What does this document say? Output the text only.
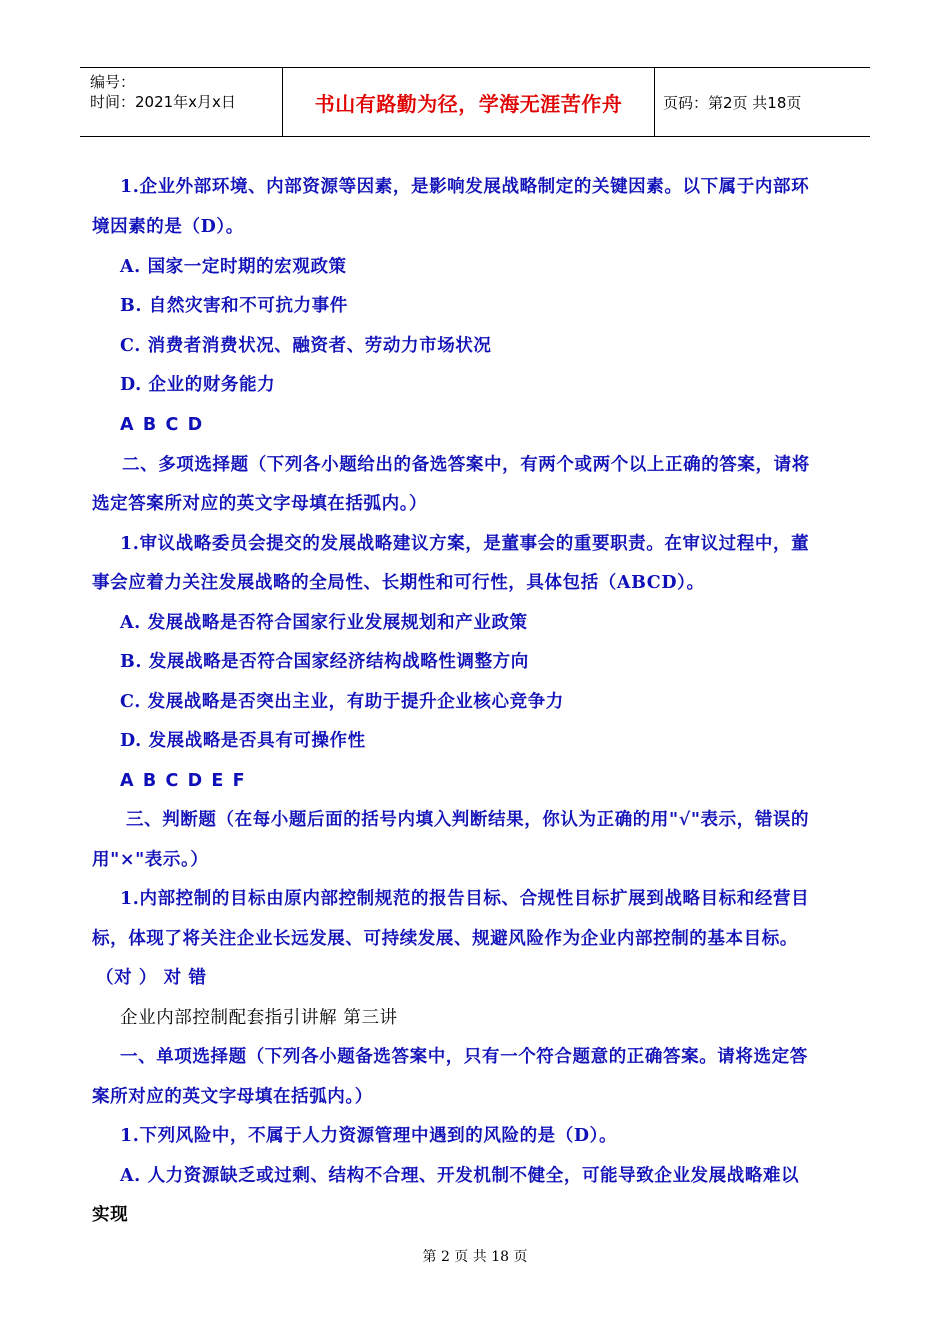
编号：
时间：2021年x月x日	书山有路勤为径，学海无涯苦作舟	页码：第2页 共18页
1.企业外部环境、内部资源等因素，是影响发展战略制定的关键因素。以下属于内部环
境因素的是（D）。
A. 国家一定时期的宏观政策
B. 自然灾害和不可抗力事件
C. 消费者消费状况、融资者、劳动力市场状况
D. 企业的财务能力
A B C D
二、多项选择题（下列各小题给出的备选答案中，有两个或两个以上正确的答案，请将
选定答案所对应的英文字母填在括弧内。）
1.审议战略委员会提交的发展战略建议方案，是董事会的重要职责。在审议过程中，董
事会应着力关注发展战略的全局性、长期性和可行性，具体包括（ABCD）。
A. 发展战略是否符合国家行业发展规划和产业政策
B. 发展战略是否符合国家经济结构战略性调整方向
C. 发展战略是否突出主业，有助于提升企业核心竞争力
D. 发展战略是否具有可操作性
A B C D E F
三、判断题（在每小题后面的括号内填入判断结果，你认为正确的用"√"表示，错误的
用"×"表示。）
1.内部控制的目标由原内部控制规范的报告目标、合规性目标扩展到战略目标和经营目
标，体现了将关注企业长远发展、可持续发展、规避风险作为企业内部控制的基本目标。
（对 ） 对 错
企业内部控制配套指引讲解 第三讲
一、单项选择题（下列各小题备选答案中，只有一个符合题意的正确答案。请将选定答
案所对应的英文字母填在括弧内。）
1.下列风险中，不属于人力资源管理中遇到的风险的是（D）。
A. 人力资源缺乏或过剩、结构不合理、开发机制不健全，可能导致企业发展战略难以
实现
第 2 页 共 18 页
